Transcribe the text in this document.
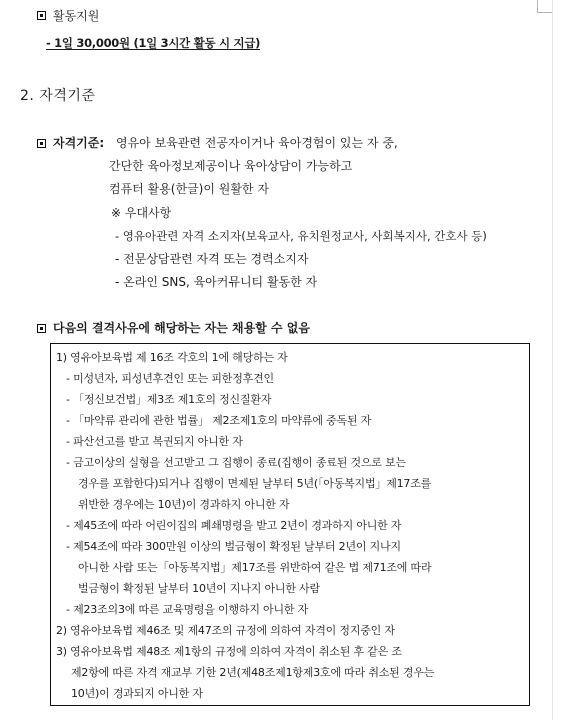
활동지원
- 1일 30,000원 (1일 3시간 활동 시 지급)
2. 자격기준
자격기준: 영유아 보육관련 전공자이거나 육아경험이 있는 자 중,
간단한 육아정보제공이나 육아상담이 가능하고
컴퓨터 활용(한글)이 원활한 자
※ 우대사항
- 영유아관련 자격 소지자(보육교사, 유치원정교사, 사회복지사, 간호사 등)
- 전문상담관련 자격 또는 경력소지자
- 온라인 SNS, 육아커뮤니티 활동한 자
다음의 결격사유에 해당하는 자는 채용할 수 없음
1) 영유아보육법 제 16조 각호의 1에 해당하는 자
- 미성년자, 피성년후견인 또는 피한정후견인
- 「정신보건법」제3조 제1호의 정신질환자
- 「마약류 관리에 관한 법률」 제2조제1호의 마약류에 중독된 자
- 파산선고를 받고 복권되지 아니한 자
- 금고이상의 실형을 선고받고 그 집행이 종료(집행이 종료된 것으로 보는
경우를 포함한다)되거나 집행이 면제된 날부터 5년(「아동복지법」제17조를
위반한 경우에는 10년)이 경과하지 아니한 자
- 제45조에 따라 어린이집의 폐쇄명령을 받고 2년이 경과하지 아니한 자
- 제54조에 따라 300만원 이상의 벌금형이 확정된 날부터 2년이 지나지
아니한 사람 또는「아동복지법」제17조를 위반하여 같은 법 제71조에 따라
벌금형이 확정된 날부터 10년이 지나지 아니한 사람
- 제23조의3에 따른 교육명령을 이행하지 아니한 자
2) 영유아보육법 제46조 및 제47조의 규정에 의하여 자격이 정지중인 자
3) 영유아보육법 제48조 제1항의 규정에 의하여 자격이 취소된 후 같은 조
제2항에 따른 자격 재교부 기한 2년(제48조제1항제3호에 따라 취소된 경우는
10년)이 경과되지 아니한 자
